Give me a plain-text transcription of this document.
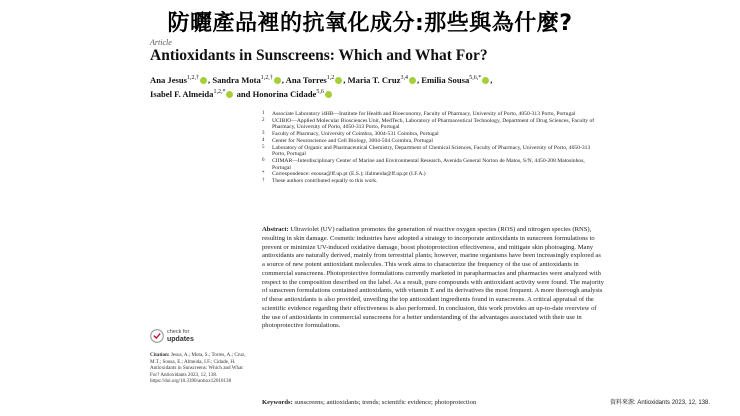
防曬產品裡的抗氧化成分:那些與為什麼?
Article
Antioxidants in Sunscreens: Which and What For?
Ana Jesus$^{1,2,\dagger}$ , Sandra Mota$^{1,2,\dagger}$ , Ana Torres$^{1,2}$ , Maria T. Cruz$^{3,4}$ , Emilia Sousa$^{5,6,*}$ ,
Isabel F. Almeida$^{1,2,*}$ and Honorina Cidade$^{5,6}$
1	Associate Laboratory i4HB—Institute for Health and Bioeconomy, Faculty of Pharmacy, University of Porto, 4050-313 Porto, Portugal
2	UCIBIO—Applied Molecular Biosciences Unit, MedTech, Laboratory of Pharmaceutical Technology, Department of Drug Sciences, Faculty of Pharmacy, University of Porto, 4050-313 Porto, Portugal
3	Faculty of Pharmacy, University of Coimbra, 3004-531 Coimbra, Portugal
4	Center for Neuroscience and Cell Biology, 3004-504 Coimbra, Portugal
5	Laboratory of Organic and Pharmaceutical Chemistry, Department of Chemical Sciences, Faculty of Pharmacy, University of Porto, 4050-313 Porto, Portugal
6	CIIMAR—Interdisciplinary Center of Marine and Environmental Research, Avenida General Norton de Matos, S/N, 4450-208 Matosinhos, Portugal
*	Correspondence: esousa@ff.up.pt (E.S.); ifalmeida@ff.up.pt (I.F.A.)
†	These authors contributed equally to this work.
check for
updates
Citation: Jesus, A.; Mota, S.; Torres, A.; Cruz, M.T.; Sousa, E.; Almeida, I.F.; Cidade, H. Antioxidants in Sunscreens: Which and What For? Antioxidants 2023, 12, 138. https://doi.org/10.3390/antiox12010138
Abstract: Ultraviolet (UV) radiation promotes the generation of reactive oxygen species (ROS) and nitrogen species (RNS), resulting in skin damage. Cosmetic industries have adopted a strategy to incorporate antioxidants in sunscreen formulations to prevent or minimize UV-induced oxidative damage, boost photoprotection effectiveness, and mitigate skin photoaging. Many antioxidants are naturally derived, mainly from terrestrial plants; however, marine organisms have been increasingly explored as a source of new potent antioxidant molecules. This work aims to characterize the frequency of the use of antioxidants in commercial sunscreens. Photoprotective formulations currently marketed in parapharmacies and pharmacies were analyzed with respect to the composition described on the label. As a result, pure compounds with antioxidant activity were found. The majority of sunscreen formulations contained antioxidants, with vitamin E and its derivatives the most frequent. A more thorough analysis of these antioxidants is also provided, unveiling the top antioxidant ingredients found in sunscreens. A critical appraisal of the scientific evidence regarding their effectiveness is also performed. In conclusion, this work provides an up-to-date overview of the use of antioxidants in commercial sunscreens for a better understanding of the advantages associated with their use in photoprotective formulations.
Keywords: sunscreens; antioxidants; trends; scientific evidence; photoprotection	資料來源: Antioxidants 2023, 12, 138.
